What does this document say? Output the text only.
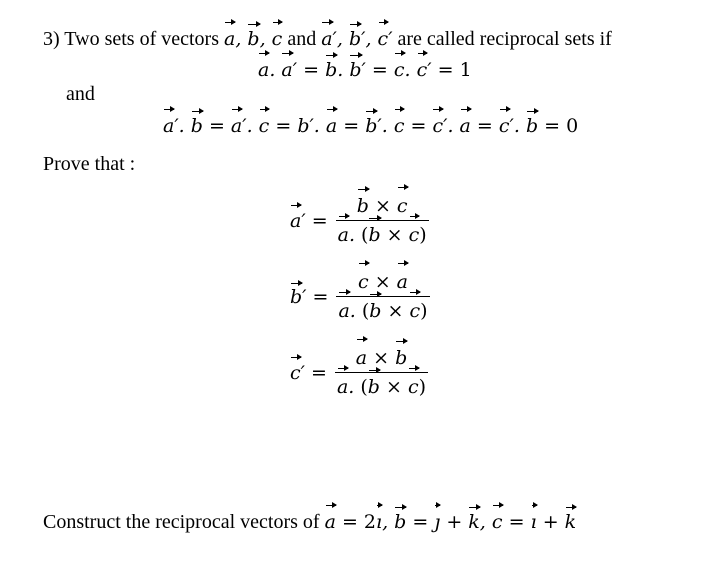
3) Two sets of vectors a, b, c and a′, b′, c′ are called reciprocal sets if
a. a′ = b. b′ = c. c′ = 1
and
a′. b = a′. c = b′. a = b′. c = c′. a = c′. b = 0
Prove that :
$a' = \frac{b \times c}{a. (b \times c)}$
$b' = \frac{c \times a}{a. (b \times c)}$
$c' = \frac{a \times b}{a. (b \times c)}$
Construct the reciprocal vectors of a = 2ı, b = ȷ + k, c = ı + k
